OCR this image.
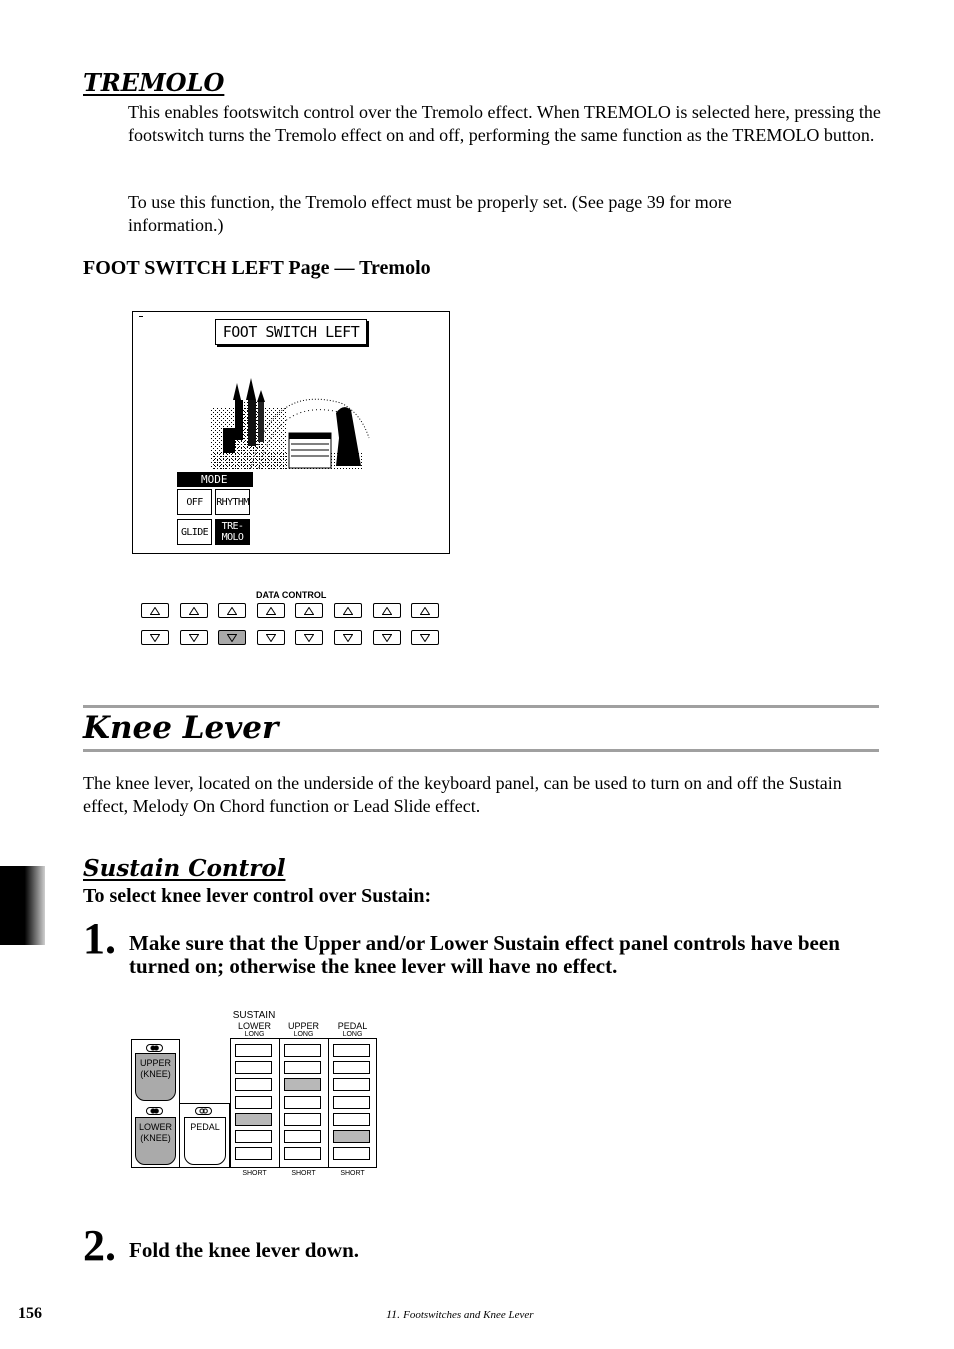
TREMOLO
This enables footswitch control over the Tremolo effect. When TREMOLO is selected here, pressing the footswitch turns the Tremolo effect on and off, performing the same function as the TREMOLO button.
To use this function, the Tremolo effect must be properly set. (See page 39 for more information.)
FOOT SWITCH LEFT Page — Tremolo
FOOT SWITCH LEFT
MODE
OFF	RHYTHM
GLIDE	TRE-
MOLO
DATA CONTROL
Knee Lever
The knee lever, located on the underside of the keyboard panel, can be used to turn on and off the Sustain effect, Melody On Chord function or Lead Slide effect.
Sustain Control
To select knee lever control over Sustain:
1. Make sure that the Upper and/or Lower Sustain effect panel controls have been turned on; otherwise the knee lever will have no effect.
SUSTAIN
LOWER
LONG
UPPER
LONG
PEDAL
LONG
SHORT	SHORT	SHORT
UPPER
(KNEE)
LOWER
(KNEE)
PEDAL
2. Fold the knee lever down.
156	11. Footswitches and Knee Lever
